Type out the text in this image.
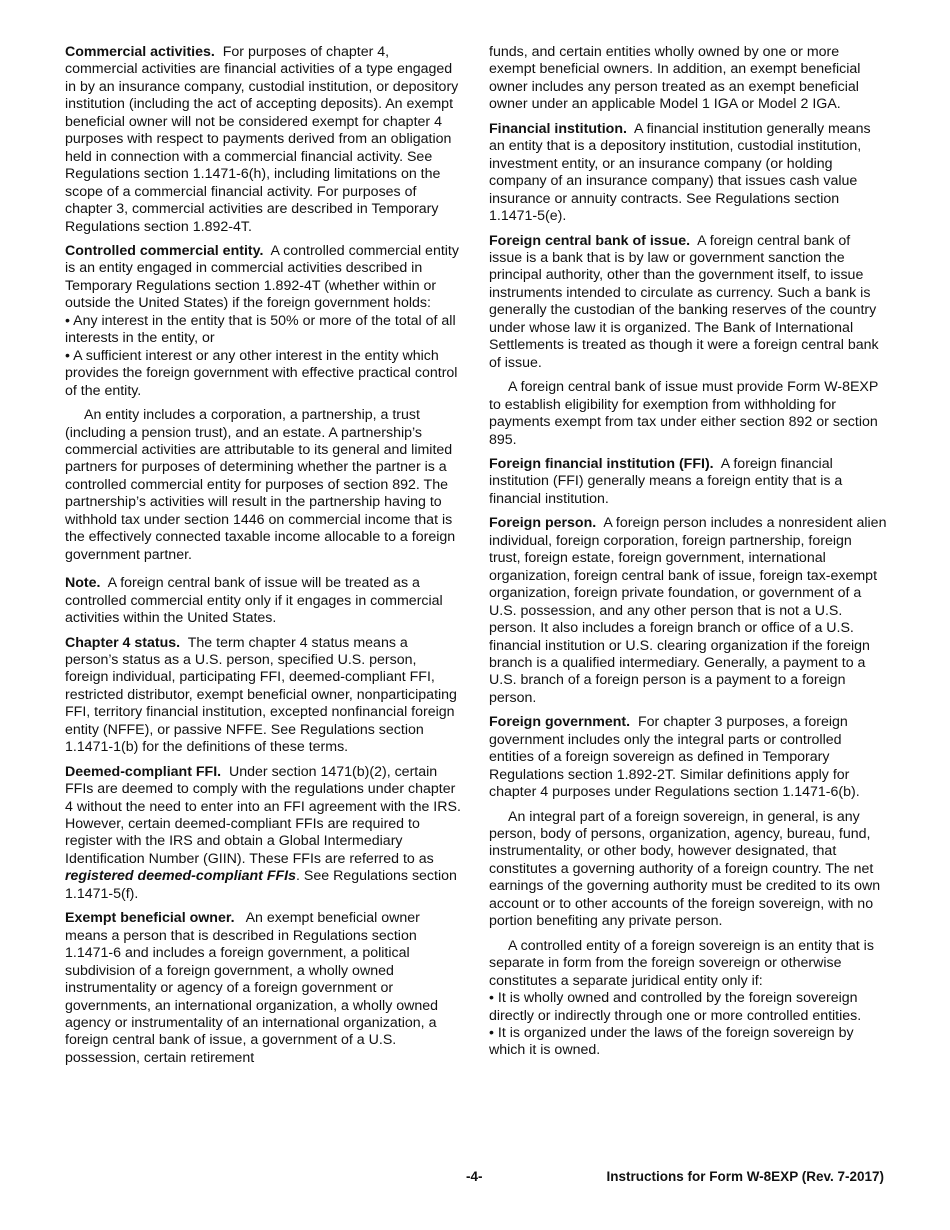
Commercial activities. For purposes of chapter 4, commercial activities are financial activities of a type engaged in by an insurance company, custodial institution, or depository institution (including the act of accepting deposits). An exempt beneficial owner will not be considered exempt for chapter 4 purposes with respect to payments derived from an obligation held in connection with a commercial financial activity. See Regulations section 1.1471-6(h), including limitations on the scope of a commercial financial activity. For purposes of chapter 3, commercial activities are described in Temporary Regulations section 1.892-4T.

Controlled commercial entity. A controlled commercial entity is an entity engaged in commercial activities described in Temporary Regulations section 1.892-4T (whether within or outside the United States) if the foreign government holds:

• Any interest in the entity that is 50% or more of the total of all interests in the entity, or

• A sufficient interest or any other interest in the entity which provides the foreign government with effective practical control of the entity.

An entity includes a corporation, a partnership, a trust (including a pension trust), and an estate. A partnership’s commercial activities are attributable to its general and limited partners for purposes of determining whether the partner is a controlled commercial entity for purposes of section 892. The partnership’s activities will result in the partnership having to withhold tax under section 1446 on commercial income that is the effectively connected taxable income allocable to a foreign government partner.

Note. A foreign central bank of issue will be treated as a controlled commercial entity only if it engages in commercial activities within the United States.

Chapter 4 status. The term chapter 4 status means a person’s status as a U.S. person, specified U.S. person, foreign individual, participating FFI, deemed-compliant FFI, restricted distributor, exempt beneficial owner, nonparticipating FFI, territory financial institution, excepted nonfinancial foreign entity (NFFE), or passive NFFE. See Regulations section 1.1471-1(b) for the definitions of these terms.

Deemed-compliant FFI. Under section 1471(b)(2), certain FFIs are deemed to comply with the regulations under chapter 4 without the need to enter into an FFI agreement with the IRS. However, certain deemed-compliant FFIs are required to register with the IRS and obtain a Global Intermediary Identification Number (GIIN). These FFIs are referred to as registered deemed-compliant FFIs. See Regulations section 1.1471-5(f).

Exempt beneficial owner. An exempt beneficial owner means a person that is described in Regulations section 1.1471-6 and includes a foreign government, a political subdivision of a foreign government, a wholly owned instrumentality or agency of a foreign government or governments, an international organization, a wholly owned agency or instrumentality of an international organization, a foreign central bank of issue, a government of a U.S. possession, certain retirement

funds, and certain entities wholly owned by one or more exempt beneficial owners. In addition, an exempt beneficial owner includes any person treated as an exempt beneficial owner under an applicable Model 1 IGA or Model 2 IGA.

Financial institution. A financial institution generally means an entity that is a depository institution, custodial institution, investment entity, or an insurance company (or holding company of an insurance company) that issues cash value insurance or annuity contracts. See Regulations section 1.1471-5(e).

Foreign central bank of issue. A foreign central bank of issue is a bank that is by law or government sanction the principal authority, other than the government itself, to issue instruments intended to circulate as currency. Such a bank is generally the custodian of the banking reserves of the country under whose law it is organized. The Bank of International Settlements is treated as though it were a foreign central bank of issue.

A foreign central bank of issue must provide Form W-8EXP to establish eligibility for exemption from withholding for payments exempt from tax under either section 892 or section 895.

Foreign financial institution (FFI). A foreign financial institution (FFI) generally means a foreign entity that is a financial institution.

Foreign person. A foreign person includes a nonresident alien individual, foreign corporation, foreign partnership, foreign trust, foreign estate, foreign government, international organization, foreign central bank of issue, foreign tax-exempt organization, foreign private foundation, or government of a U.S. possession, and any other person that is not a U.S. person. It also includes a foreign branch or office of a U.S. financial institution or U.S. clearing organization if the foreign branch is a qualified intermediary. Generally, a payment to a U.S. branch of a foreign person is a payment to a foreign person.

Foreign government. For chapter 3 purposes, a foreign government includes only the integral parts or controlled entities of a foreign sovereign as defined in Temporary Regulations section 1.892-2T. Similar definitions apply for chapter 4 purposes under Regulations section 1.1471-6(b).

An integral part of a foreign sovereign, in general, is any person, body of persons, organization, agency, bureau, fund, instrumentality, or other body, however designated, that constitutes a governing authority of a foreign country. The net earnings of the governing authority must be credited to its own account or to other accounts of the foreign sovereign, with no portion benefiting any private person.

A controlled entity of a foreign sovereign is an entity that is separate in form from the foreign sovereign or otherwise constitutes a separate juridical entity only if:

• It is wholly owned and controlled by the foreign sovereign directly or indirectly through one or more controlled entities.

• It is organized under the laws of the foreign sovereign by which it is owned.

-4-	Instructions for Form W-8EXP (Rev. 7-2017)
